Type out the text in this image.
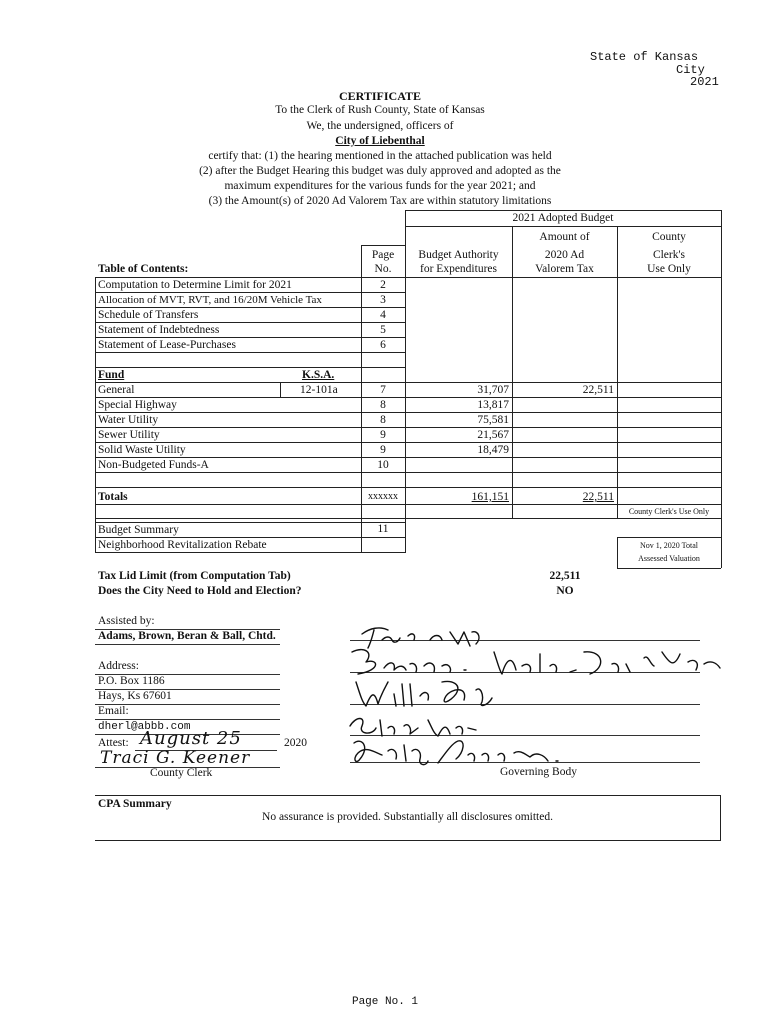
State of Kansas
City
2021
CERTIFICATE
To the Clerk of Rush County, State of Kansas
We, the undersigned, officers of
City of Liebenthal
certify that: (1) the hearing mentioned in the attached publication was held
(2) after the Budget Hearing this budget was duly approved and adopted as the
maximum expenditures for the various funds for the year 2021; and
(3) the Amount(s) of 2020 Ad Valorem Tax are within statutory limitations
2021 Adopted Budget
Page
No.
Budget Authority
for Expenditures
Amount of
2020 Ad
Valorem Tax
County
Clerk's
Use Only
Table of Contents:
Computation to Determine Limit for 2021	2
Allocation of MVT, RVT, and 16/20M Vehicle Tax	3
Schedule of Transfers	4
Statement of Indebtedness	5
Statement of Lease-Purchases	6
Fund	K.S.A.
General	12-101a	7	31,707	22,511
Special Highway	8	13,817
Water Utility	8	75,581
Sewer Utility	9	21,567
Solid Waste Utility	9	18,479
Non-Budgeted Funds-A	10
Totals	xxxxxx	161,151	22,511
County Clerk's Use Only
Budget Summary	11
Neighborhood Revitalization Rebate	Nov 1, 2020 Total
Assessed Valuation
Tax Lid Limit (from Computation Tab)	22,511
Does the City Need to Hold and Election?	NO
Assisted by:
Adams, Brown, Beran & Ball, Chtd.
Address:
P.O. Box 1186
Hays, Ks 67601
Email:
dherl@abbb.com
Attest: August 25	2020
Traci G. Keener
County Clerk	Governing Body
CPA Summary
No assurance is provided. Substantially all disclosures omitted.
Page No. 1
